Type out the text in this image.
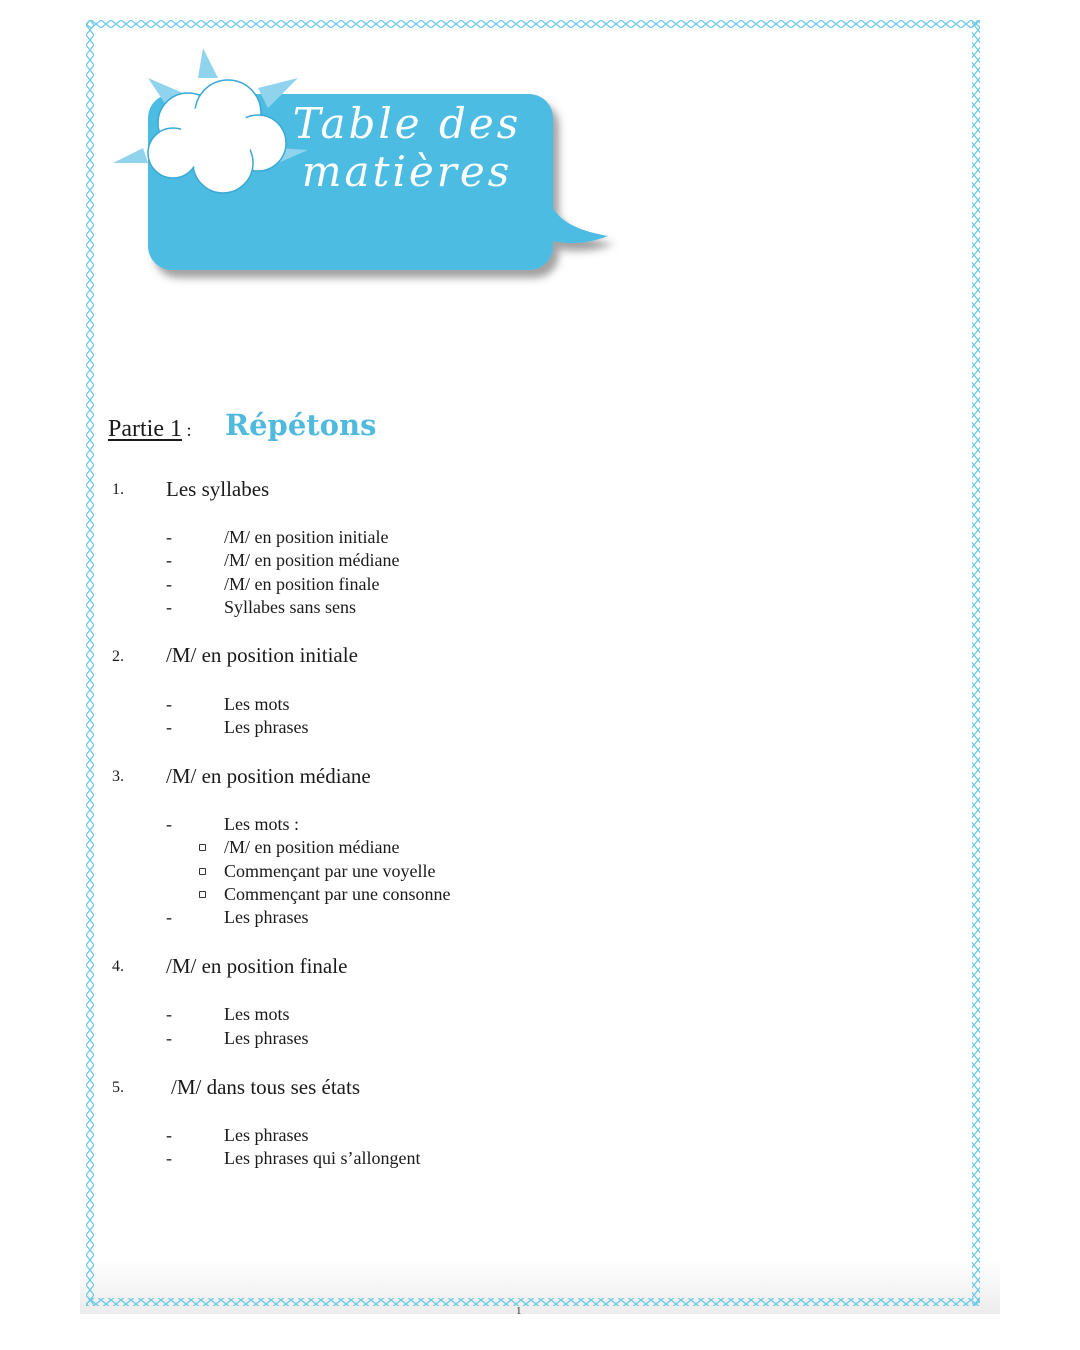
Table des
matières
Partie 1 : Répétons
1. Les syllabes
-	/M/ en position initiale
-	/M/ en position médiane
-	/M/ en position finale
-	Syllabes sans sens
2. /M/ en position initiale
-	Les mots
-	Les phrases
3. /M/ en position médiane
-	Les mots :
/M/ en position médiane
Commençant par une voyelle
Commençant par une consonne
-	Les phrases
4. /M/ en position finale
-	Les mots
-	Les phrases
5. /M/ dans tous ses états
-	Les phrases
-	Les phrases qui s’allongent
1
